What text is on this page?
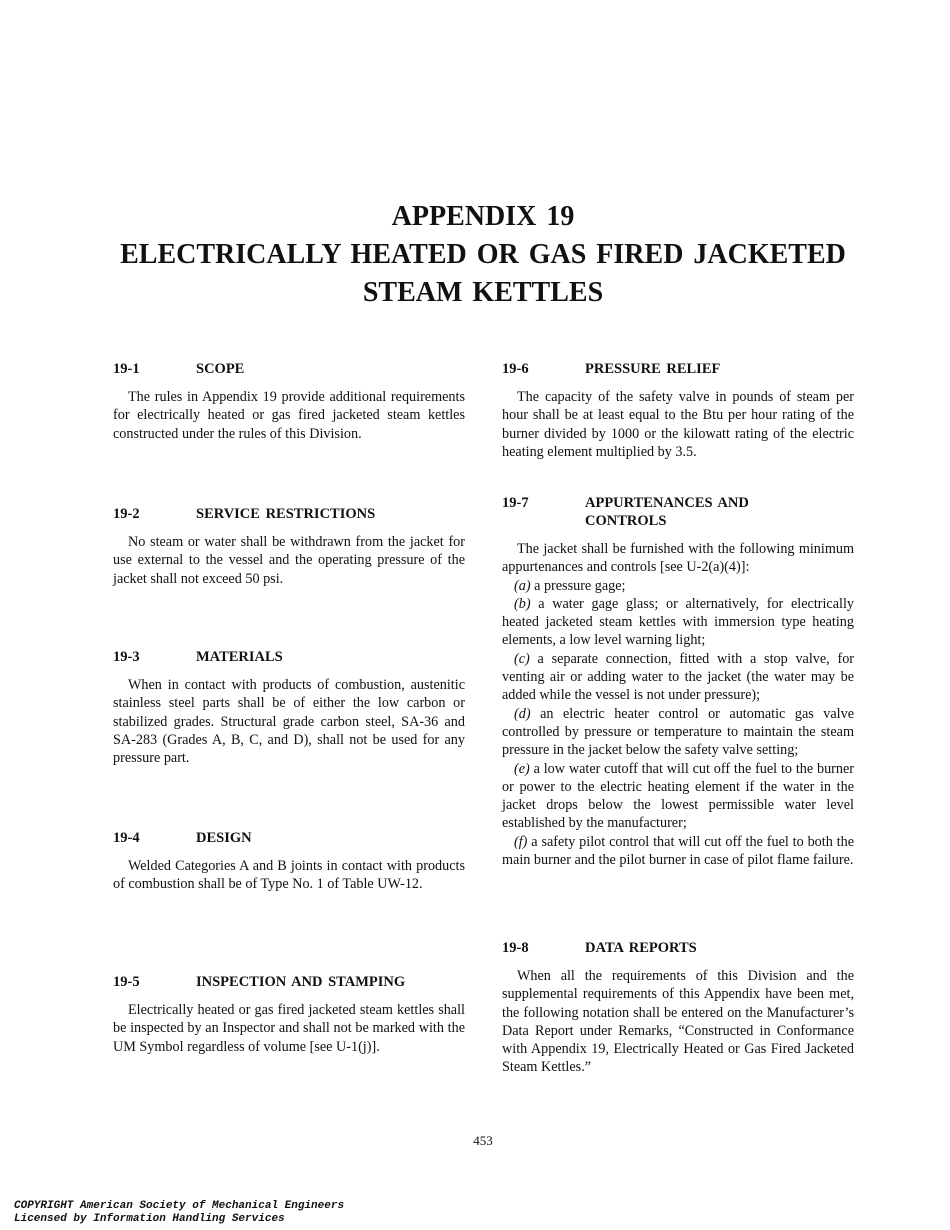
APPENDIX 19
ELECTRICALLY HEATED OR GAS FIRED JACKETED
STEAM KETTLES
19-1	SCOPE

The rules in Appendix 19 provide additional requirements for electrically heated or gas fired jacketed steam kettles constructed under the rules of this Division.

19-2	SERVICE RESTRICTIONS

No steam or water shall be withdrawn from the jacket for use external to the vessel and the operating pressure of the jacket shall not exceed 50 psi.

19-3	MATERIALS

When in contact with products of combustion, austenitic stainless steel parts shall be of either the low carbon or stabilized grades. Structural grade carbon steel, SA-36 and SA-283 (Grades A, B, C, and D), shall not be used for any pressure part.

19-4	DESIGN

Welded Categories A and B joints in contact with products of combustion shall be of Type No. 1 of Table UW-12.

19-5	INSPECTION AND STAMPING

Electrically heated or gas fired jacketed steam kettles shall be inspected by an Inspector and shall not be marked with the UM Symbol regardless of volume [see U-1(j)].

19-6	PRESSURE RELIEF

The capacity of the safety valve in pounds of steam per hour shall be at least equal to the Btu per hour rating of the burner divided by 1000 or the kilowatt rating of the electric heating element multiplied by 3.5.

19-7	APPURTENANCES AND
CONTROLS

The jacket shall be furnished with the following minimum appurtenances and controls [see U-2(a)(4)]:

(a) a pressure gage;

(b) a water gage glass; or alternatively, for electrically heated jacketed steam kettles with immersion type heating elements, a low level warning light;

(c) a separate connection, fitted with a stop valve, for venting air or adding water to the jacket (the water may be added while the vessel is not under pressure);

(d) an electric heater control or automatic gas valve controlled by pressure or temperature to maintain the steam pressure in the jacket below the safety valve setting;

(e) a low water cutoff that will cut off the fuel to the burner or power to the electric heating element if the water in the jacket drops below the lowest permissible water level established by the manufacturer;

(f) a safety pilot control that will cut off the fuel to both the main burner and the pilot burner in case of pilot flame failure.

19-8	DATA REPORTS

When all the requirements of this Division and the supplemental requirements of this Appendix have been met, the following notation shall be entered on the Manufacturer’s Data Report under Remarks, “Constructed in Conformance with Appendix 19, Electrically Heated or Gas Fired Jacketed Steam Kettles.”

453
COPYRIGHT American Society of Mechanical Engineers
Licensed by Information Handling Services
